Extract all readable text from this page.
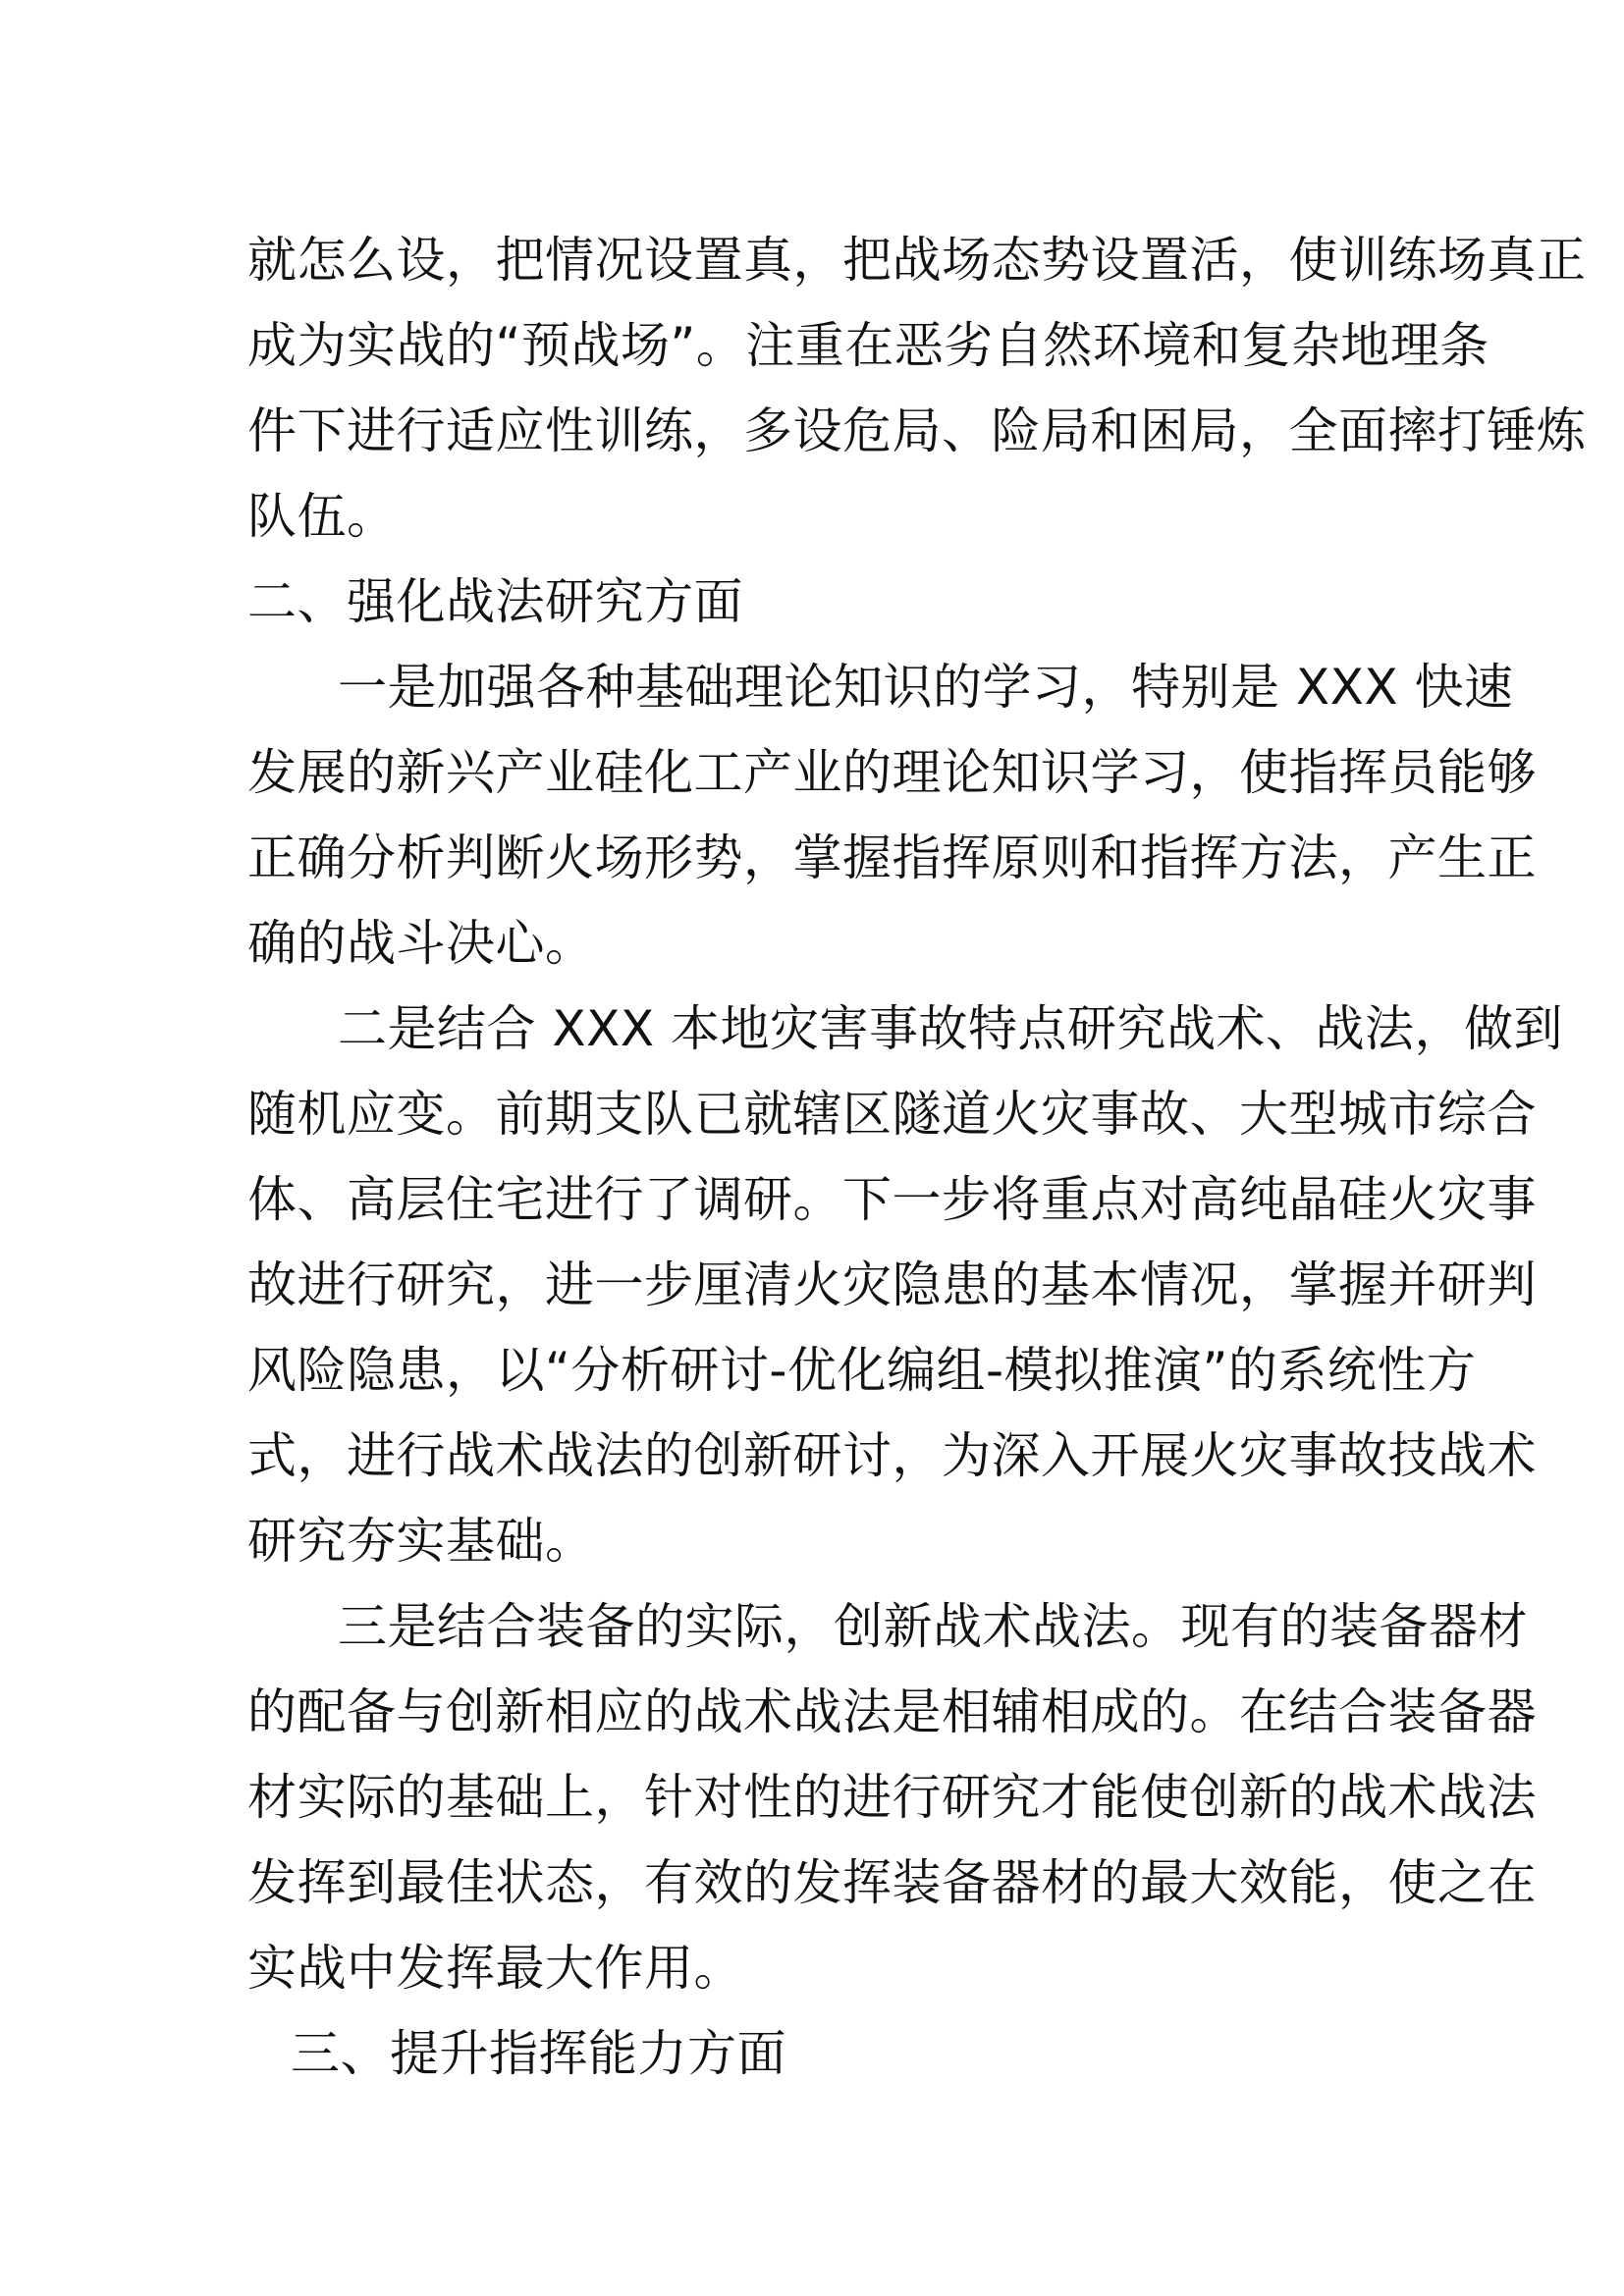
就怎么设，把情况设置真，把战场态势设置活，使训练场真正
成为实战的“预战场”。注重在恶劣自然环境和复杂地理条
件下进行适应性训练，多设危局、险局和困局，全面摔打锤炼
队伍。
二、强化战法研究方面
一是加强各种基础理论知识的学习，特别是 XXX 快速
发展的新兴产业硅化工产业的理论知识学习，使指挥员能够
正确分析判断火场形势，掌握指挥原则和指挥方法，产生正
确的战斗决心。
二是结合 XXX 本地灾害事故特点研究战术、战法，做到
随机应变。前期支队已就辖区隧道火灾事故、大型城市综合
体、高层住宅进行了调研。下一步将重点对高纯晶硅火灾事
故进行研究，进一步厘清火灾隐患的基本情况，掌握并研判
风险隐患，以“分析研讨-优化编组-模拟推演”的系统性方
式，进行战术战法的创新研讨，为深入开展火灾事故技战术
研究夯实基础。
三是结合装备的实际，创新战术战法。现有的装备器材
的配备与创新相应的战术战法是相辅相成的。在结合装备器
材实际的基础上，针对性的进行研究才能使创新的战术战法
发挥到最佳状态，有效的发挥装备器材的最大效能，使之在
实战中发挥最大作用。
三、提升指挥能力方面
